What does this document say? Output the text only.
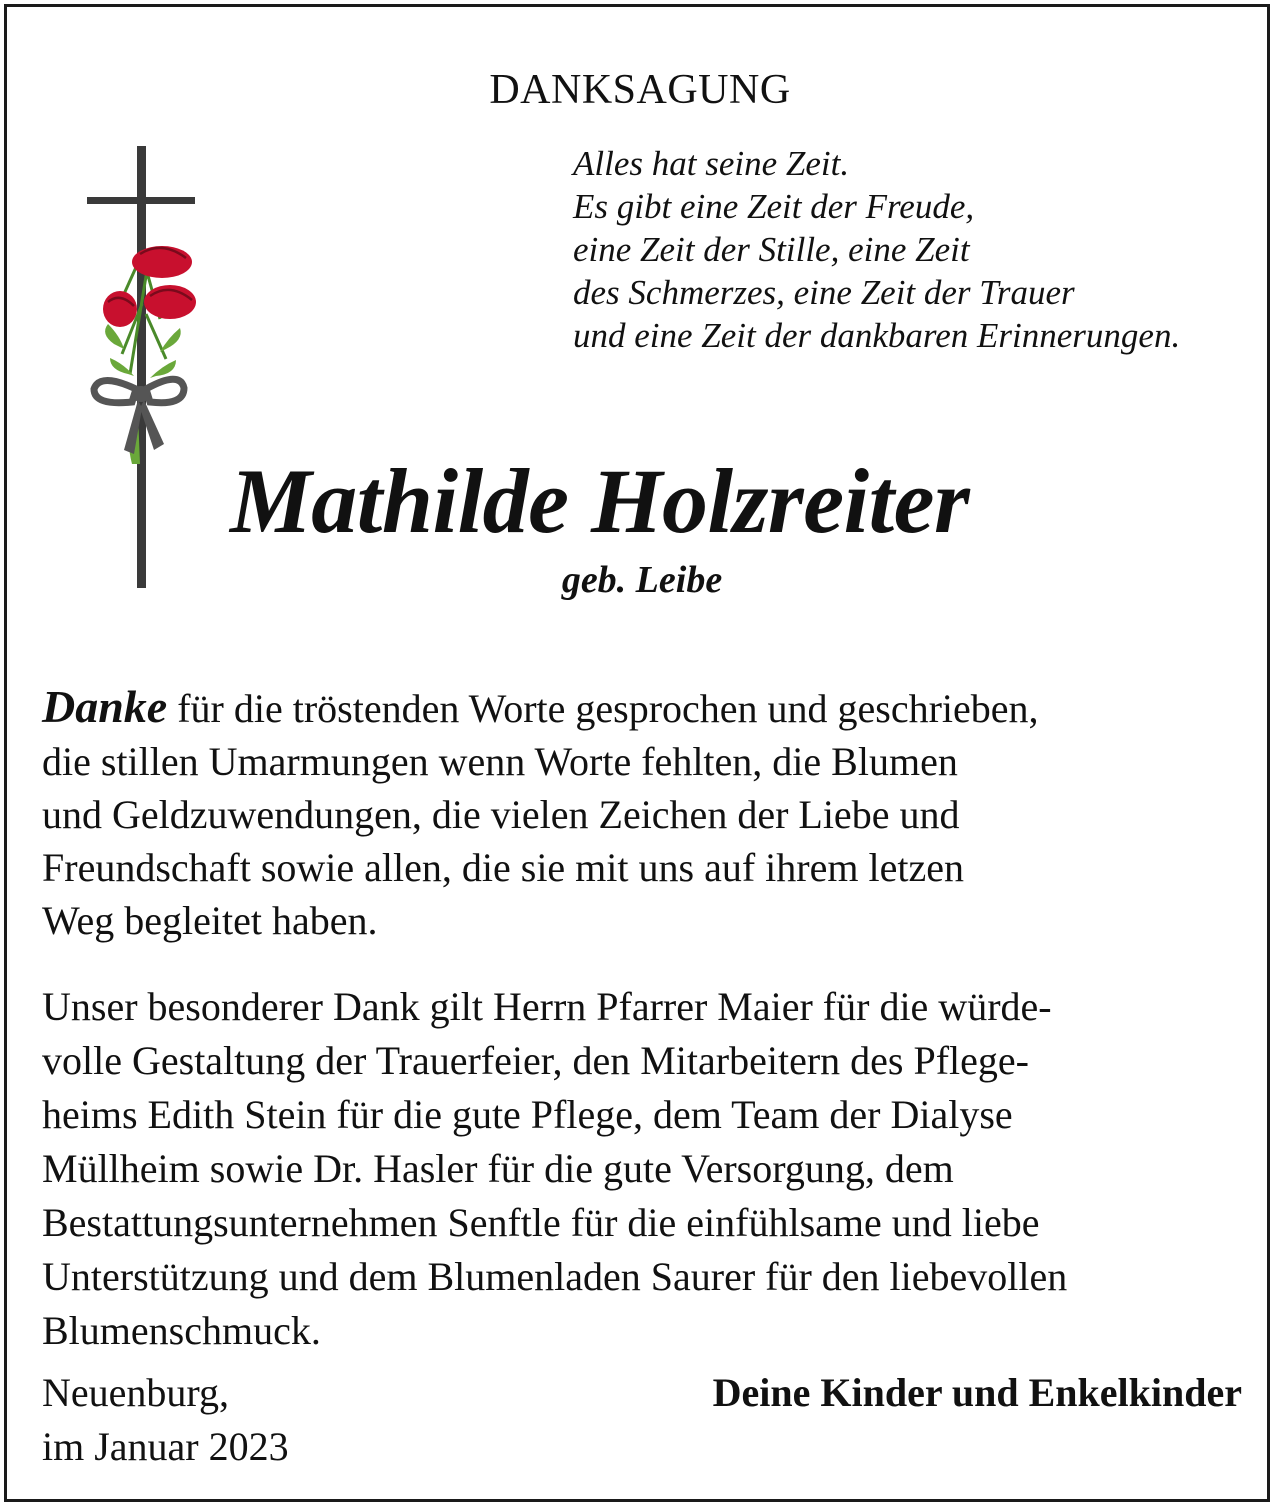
DANKSAGUNG
Alles hat seine Zeit.
Es gibt eine Zeit der Freude,
eine Zeit der Stille, eine Zeit
des Schmerzes, eine Zeit der Trauer
und eine Zeit der dankbaren Erinnerungen.
Mathilde Holzreiter
geb. Leibe
Danke für die tröstenden Worte gesprochen und geschrieben,
die stillen Umarmungen wenn Worte fehlten, die Blumen
und Geldzuwendungen, die vielen Zeichen der Liebe und
Freundschaft sowie allen, die sie mit uns auf ihrem letzen
Weg begleitet haben.
Unser besonderer Dank gilt Herrn Pfarrer Maier für die würde-
volle Gestaltung der Trauerfeier, den Mitarbeitern des Pflege-
heims Edith Stein für die gute Pflege, dem Team der Dialyse
Müllheim sowie Dr. Hasler für die gute Versorgung, dem
Bestattungsunternehmen Senftle für die einfühlsame und liebe
Unterstützung und dem Blumenladen Saurer für den liebevollen
Blumenschmuck.
Neuenburg,
im Januar 2023
Deine Kinder und Enkelkinder
